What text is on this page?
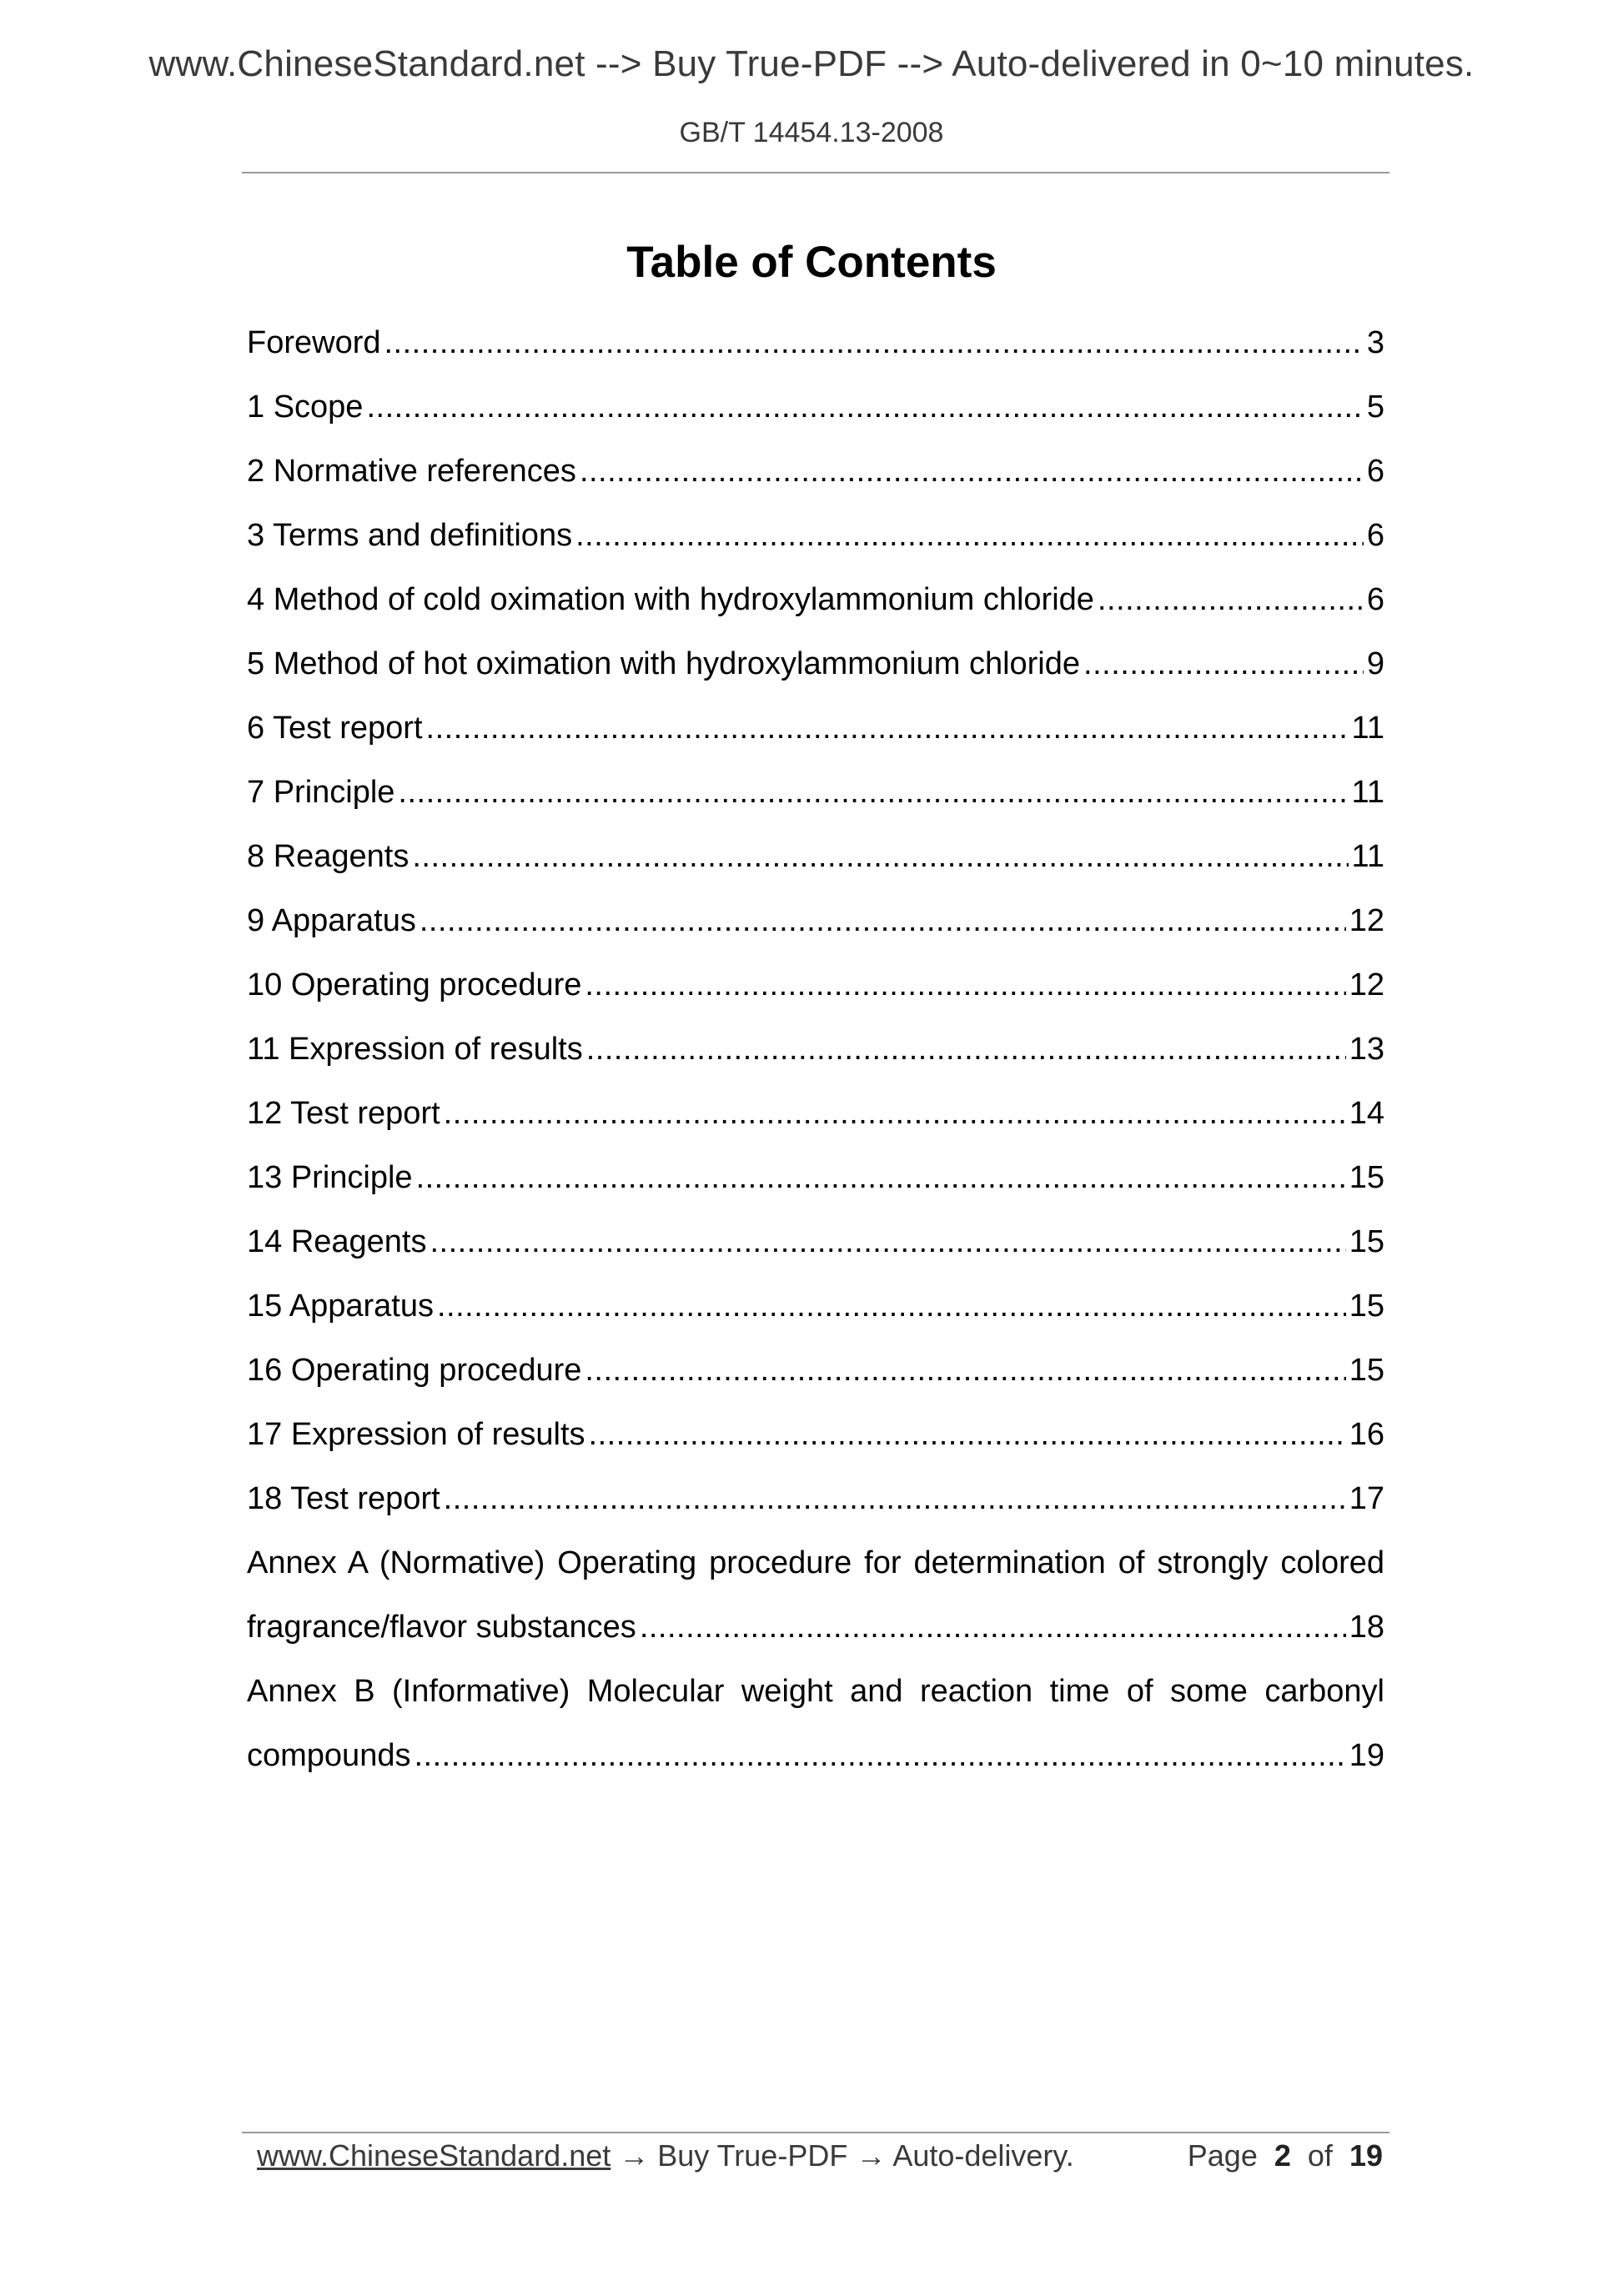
www.ChineseStandard.net --> Buy True-PDF --> Auto-delivered in 0~10 minutes.
GB/T 14454.13-2008
Table of Contents
Foreword .....	3
1 Scope .....	5
2 Normative references .....	6
3 Terms and definitions .....	6
4 Method of cold oximation with hydroxylammonium chloride .....	6
5 Method of hot oximation with hydroxylammonium chloride .....	9
6 Test report .....	11
7 Principle .....	11
8 Reagents .....	11
9 Apparatus .....	12
10 Operating procedure .....	12
11 Expression of results .....	13
12 Test report .....	14
13 Principle .....	15
14 Reagents .....	15
15 Apparatus .....	15
16 Operating procedure .....	15
17 Expression of results .....	16
18 Test report .....	17
Annex A (Normative) Operating procedure for determination of strongly colored
fragrance/flavor substances .....	18
Annex B (Informative) Molecular weight and reaction time of some carbonyl
compounds .....	19
www.ChineseStandard.net → Buy True-PDF → Auto-delivery.	Page 2 of 19
